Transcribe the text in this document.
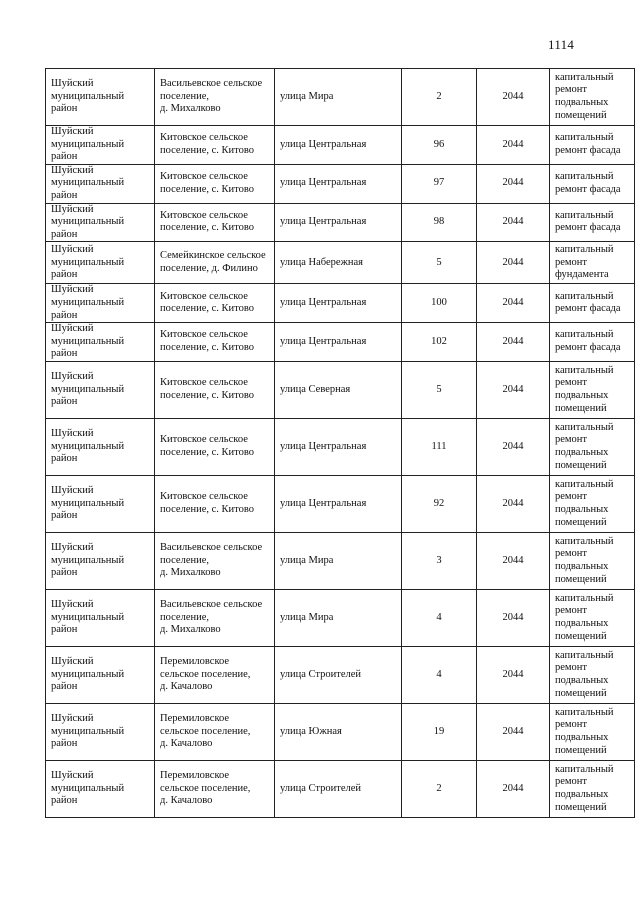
1114
Шуйский
муниципальный
район	Васильевское сельское
поселение,
д. Михалково	улица Мира	2	2044	капитальный
ремонт
подвальных
помещений
Шуйский
муниципальный
район	Китовское сельское
поселение, с. Китово	улица Центральная	96	2044	капитальный
ремонт фасада
Шуйский
муниципальный
район	Китовское сельское
поселение, с. Китово	улица Центральная	97	2044	капитальный
ремонт фасада
Шуйский
муниципальный
район	Китовское сельское
поселение, с. Китово	улица Центральная	98	2044	капитальный
ремонт фасада
Шуйский
муниципальный
район	Семейкинское сельское
поселение, д. Филино	улица Набережная	5	2044	капитальный
ремонт
фундамента
Шуйский
муниципальный
район	Китовское сельское
поселение, с. Китово	улица Центральная	100	2044	капитальный
ремонт фасада
Шуйский
муниципальный
район	Китовское сельское
поселение, с. Китово	улица Центральная	102	2044	капитальный
ремонт фасада
Шуйский
муниципальный
район	Китовское сельское
поселение, с. Китово	улица Северная	5	2044	капитальный
ремонт
подвальных
помещений
Шуйский
муниципальный
район	Китовское сельское
поселение, с. Китово	улица Центральная	111	2044	капитальный
ремонт
подвальных
помещений
Шуйский
муниципальный
район	Китовское сельское
поселение, с. Китово	улица Центральная	92	2044	капитальный
ремонт
подвальных
помещений
Шуйский
муниципальный
район	Васильевское сельское
поселение,
д. Михалково	улица Мира	3	2044	капитальный
ремонт
подвальных
помещений
Шуйский
муниципальный
район	Васильевское сельское
поселение,
д. Михалково	улица Мира	4	2044	капитальный
ремонт
подвальных
помещений
Шуйский
муниципальный
район	Перемиловское
сельское поселение,
д. Качалово	улица Строителей	4	2044	капитальный
ремонт
подвальных
помещений
Шуйский
муниципальный
район	Перемиловское
сельское поселение,
д. Качалово	улица Южная	19	2044	капитальный
ремонт
подвальных
помещений
Шуйский
муниципальный
район	Перемиловское
сельское поселение,
д. Качалово	улица Строителей	2	2044	капитальный
ремонт
подвальных
помещений
